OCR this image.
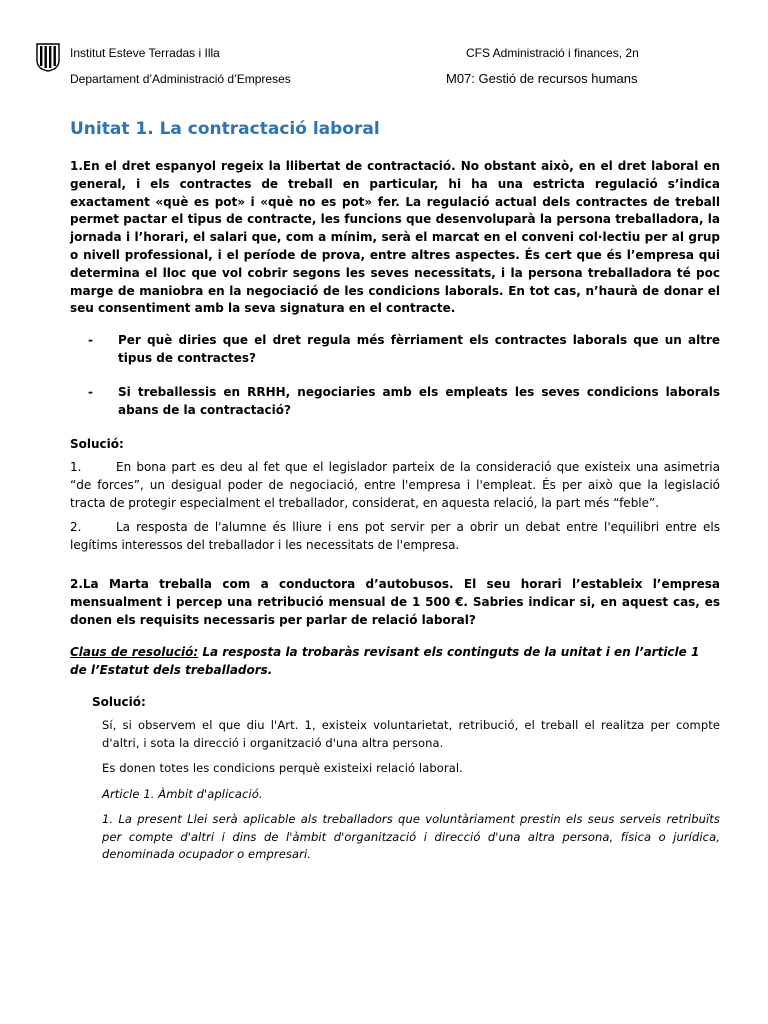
Institut Esteve Terradas i Illa
Departament d’Administració d’Empreses
CFS Administració i finances, 2n
M07: Gestió de recursos humans
Unitat 1. La contractació laboral

1.En el dret espanyol regeix la llibertat de contractació. No obstant això, en el dret laboral en general, i els contractes de treball en particular, hi ha una estricta regulació s’indica exactament «què es pot» i «què no es pot» fer. La regulació actual dels contractes de treball permet pactar el tipus de contracte, les funcions que desenvoluparà la persona treballadora, la jornada i l’horari, el salari que, com a mínim, serà el marcat en el conveni col·lectiu per al grup o nivell professional, i el període de prova, entre altres aspectes. És cert que és l’empresa qui determina el lloc que vol cobrir segons les seves necessitats, i la persona treballadora té poc marge de maniobra en la negociació de les condicions laborals. En tot cas, n’haurà de donar el seu consentiment amb la seva signatura en el contracte.

- Per què diries que el dret regula més fèrriament els contractes laborals que un altre tipus de contractes?
- Si treballessis en RRHH, negociaries amb els empleats les seves condicions laborals abans de la contractació?

Solució:

1.	En bona part es deu al fet que el legislador parteix de la consideració que existeix una asimetria “de forces”, un desigual poder de negociació, entre l'empresa i l'empleat. És per això que la legislació tracta de protegir especialment el treballador, considerat, en aquesta relació, la part més “feble”.

2.	La resposta de l'alumne és lliure i ens pot servir per a obrir un debat entre l'equilibri entre els legítims interessos del treballador i les necessitats de l'empresa.

2.La Marta treballa com a conductora d’autobusos. El seu horari l’estableix l’empresa mensualment i percep una retribució mensual de 1 500 €. Sabries indicar si, en aquest cas, es donen els requisits necessaris per parlar de relació laboral?

Claus de resolució: La resposta la trobaràs revisant els continguts de la unitat i en l’article 1 de l’Estatut dels treballadors.

Solució:

Sí, si observem el que diu l'Art. 1, existeix voluntarietat, retribució, el treball el realitza per compte d'altri, i sota la direcció i organització d'una altra persona.

Es donen totes les condicions perquè existeixi relació laboral.

Article 1. Àmbit d'aplicació.

1. La present Llei serà aplicable als treballadors que voluntàriament prestin els seus serveis retribuïts per compte d'altri i dins de l'àmbit d'organització i direcció d'una altra persona, física o jurídica, denominada ocupador o empresari.
